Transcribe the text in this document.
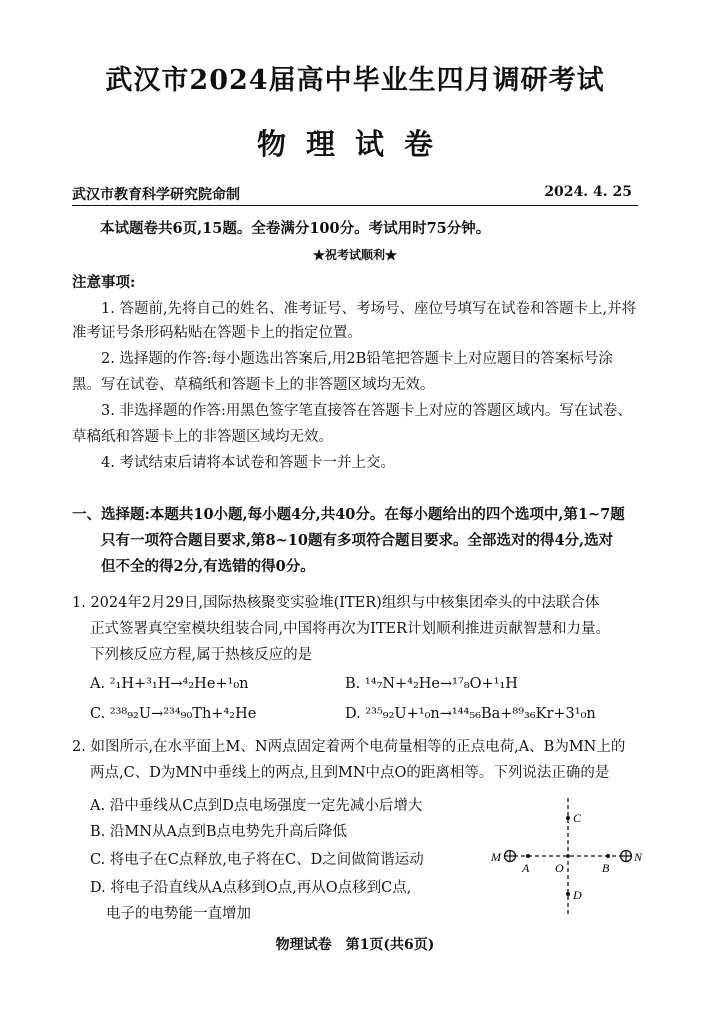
武汉市2024届高中毕业生四月调研考试
物理试卷
武汉市教育科学研究院命制	2024. 4. 25
本试题卷共6页,15题。全卷满分100分。考试用时75分钟。
★祝考试顺利★
注意事项:
1. 答题前,先将自己的姓名、准考证号、考场号、座位号填写在试卷和答题卡上,并将
准考证号条形码粘贴在答题卡上的指定位置。
2. 选择题的作答:每小题选出答案后,用2B铅笔把答题卡上对应题目的答案标号涂
黑。写在试卷、草稿纸和答题卡上的非答题区域均无效。
3. 非选择题的作答:用黑色签字笔直接答在答题卡上对应的答题区域内。写在试卷、
草稿纸和答题卡上的非答题区域均无效。
4. 考试结束后请将本试卷和答题卡一并上交。
一、选择题:本题共10小题,每小题4分,共40分。在每小题给出的四个选项中,第1~7题
只有一项符合题目要求,第8~10题有多项符合题目要求。全部选对的得4分,选对
但不全的得2分,有选错的得0分。
1. 2024年2月29日,国际热核聚变实验堆(ITER)组织与中核集团牵头的中法联合体
正式签署真空室模块组装合同,中国将再次为ITER计划顺利推进贡献智慧和力量。
下列核反应方程,属于热核反应的是
A. ²₁H+³₁H→⁴₂He+¹₀n	B. ¹⁴₇N+⁴₂He→¹⁷₈O+¹₁H
C. ²³⁸₉₂U→²³⁴₉₀Th+⁴₂He	D. ²³⁵₉₂U+¹₀n→¹⁴⁴₅₆Ba+⁸⁹₃₆Kr+3¹₀n
2. 如图所示,在水平面上M、N两点固定着两个电荷量相等的正点电荷,A、B为MN上的
两点,C、D为MN中垂线上的两点,且到MN中点O的距离相等。下列说法正确的是
A. 沿中垂线从C点到D点电场强度一定先减小后增大
B. 沿MN从A点到B点电势先升高后降低
C. 将电子在C点释放,电子将在C、D之间做简谐运动
D. 将电子沿直线从A点移到O点,再从O点移到C点,
电子的电势能一直增加
M	N
A	B
O
C
D
物理试卷　第1页(共6页)
